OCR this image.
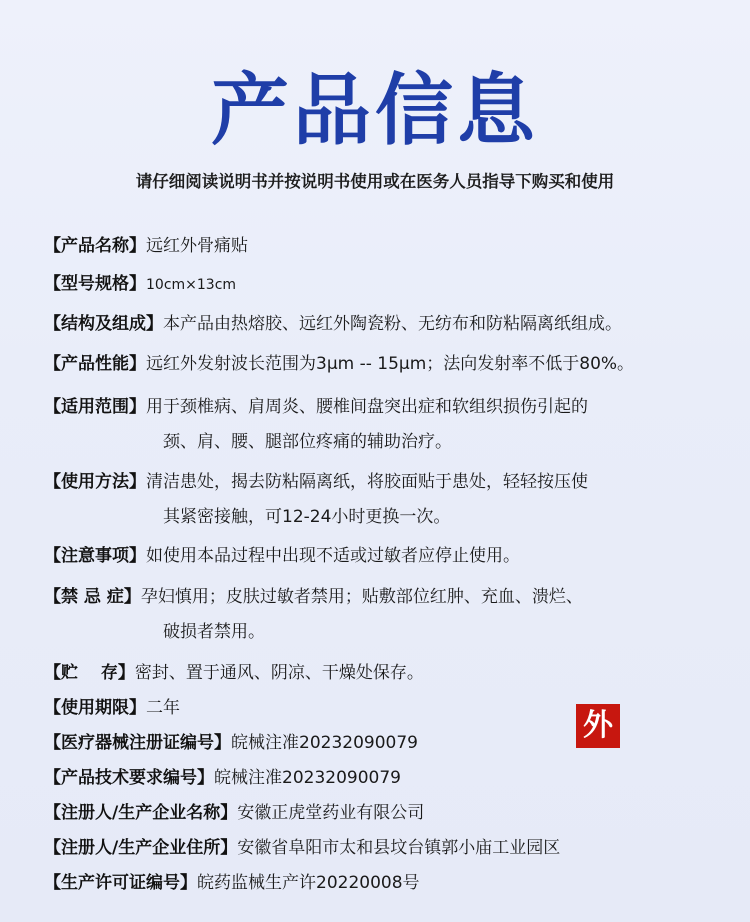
产品信息
请仔细阅读说明书并按说明书使用或在医务人员指导下购买和使用
【产品名称】远红外骨痛贴
【型号规格】10cm×13cm
【结构及组成】本产品由热熔胶、远红外陶瓷粉、无纺布和防粘隔离纸组成。
【产品性能】远红外发射波长范围为3μm -- 15μm；法向发射率不低于80%。
【适用范围】用于颈椎病、肩周炎、腰椎间盘突出症和软组织损伤引起的
颈、肩、腰、腿部位疼痛的辅助治疗。
【使用方法】清洁患处，揭去防粘隔离纸，将胶面贴于患处，轻轻按压使
其紧密接触，可12-24小时更换一次。
【注意事项】如使用本品过程中出现不适或过敏者应停止使用。
【禁 忌 症】孕妇慎用；皮肤过敏者禁用；贴敷部位红肿、充血、溃烂、
破损者禁用。
【贮　 存】密封、置于通风、阴凉、干燥处保存。
【使用期限】二年
【医疗器械注册证编号】皖械注准20232090079
【产品技术要求编号】皖械注准20232090079
【注册人/生产企业名称】安徽正虎堂药业有限公司
【注册人/生产企业住所】安徽省阜阳市太和县坟台镇郭小庙工业园区
【生产许可证编号】皖药监械生产许20220008号
外
